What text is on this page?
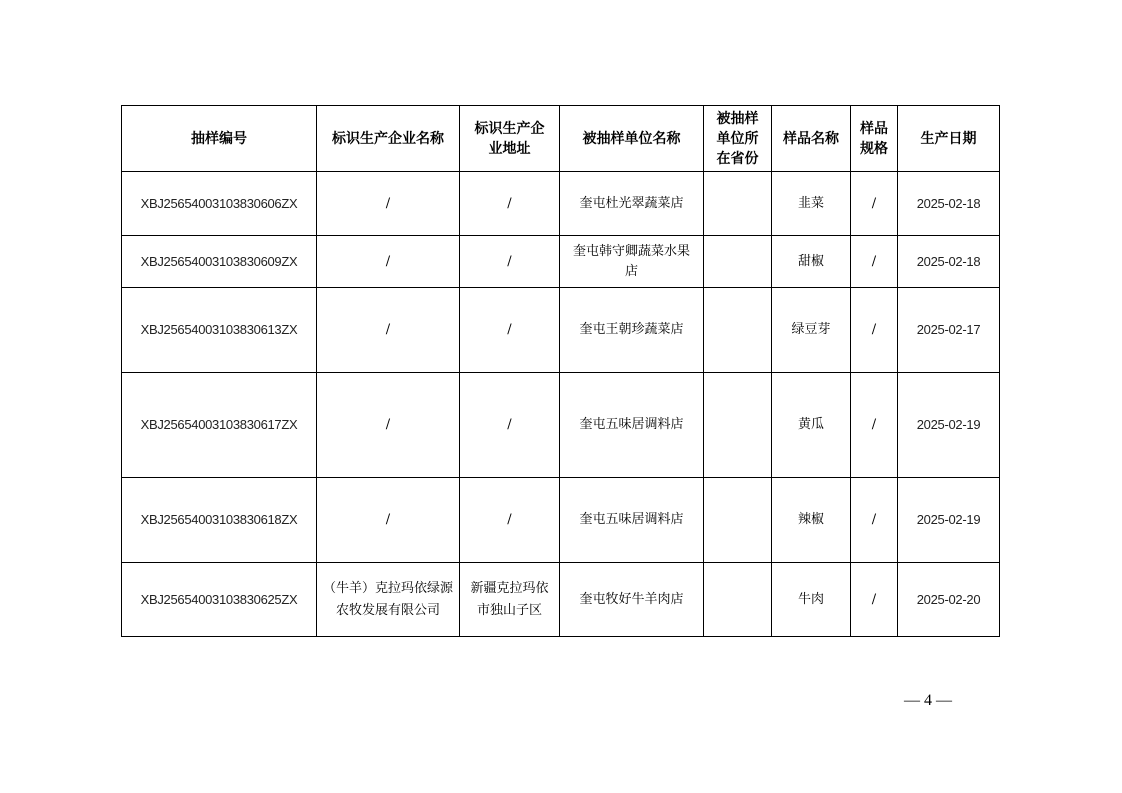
抽样编号	标识生产企业名称	标识生产企业地址	被抽样单位名称	被抽样单位所在省份	样品名称	样品规格	生产日期
XBJ25654003103830606ZX	/	/	奎屯杜光翠蔬菜店		韭菜	/	2025-02-18
XBJ25654003103830609ZX	/	/	奎屯韩守卿蔬菜水果店		甜椒	/	2025-02-18
XBJ25654003103830613ZX	/	/	奎屯王朝珍蔬菜店		绿豆芽	/	2025-02-17
XBJ25654003103830617ZX	/	/	奎屯五味居调料店		黄瓜	/	2025-02-19
XBJ25654003103830618ZX	/	/	奎屯五味居调料店		辣椒	/	2025-02-19
XBJ25654003103830625ZX	（牛羊）克拉玛依绿源农牧发展有限公司	新疆克拉玛依市独山子区	奎屯牧好牛羊肉店		牛肉	/	2025-02-20
— 4 —
